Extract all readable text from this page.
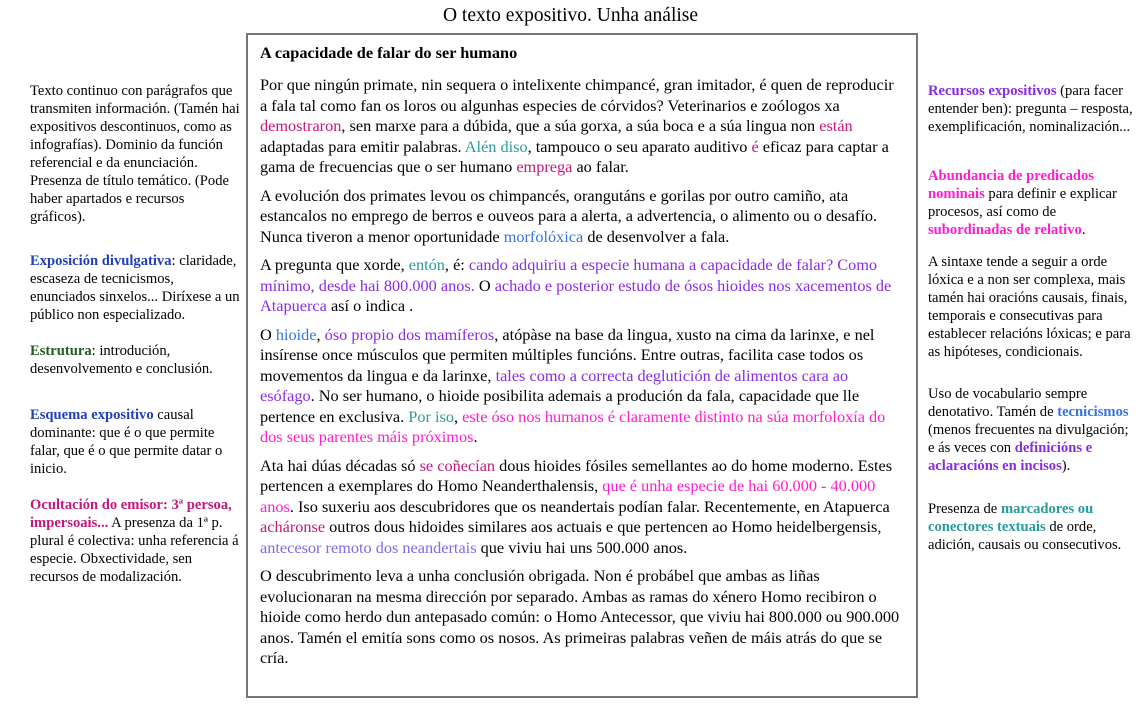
O texto expositivo. Unha análise

Texto continuo con parágrafos que transmiten información. (Tamén hai expositivos descontinuos, como as infografías). Dominio da función referencial e da enunciación. Presenza de título temático. (Pode haber apartados e recursos gráficos).

Exposición divulgativa: claridade, escaseza de tecnicismos, enunciados sinxelos... Diríxese a un público non especializado.

Estrutura: introdución, desenvolvemento e conclusión.

Esquema expositivo causal dominante: que é o que permite falar, que é o que permite datar o inicio.

Ocultación do emisor: 3ª persoa, impersoais... A presenza da 1ª p. plural é colectiva: unha referencia á especie. Obxectividade, sen recursos de modalización.

A capacidade de falar do ser humano

Por que ningún primate, nin sequera o intelixente chimpancé, gran imitador, é quen de reproducir a fala tal como fan os loros ou algunhas especies de córvidos? Veterinarios e zoólogos xa demostraron, sen marxe para a dúbida, que a súa gorxa, a súa boca e a súa lingua non están adaptadas para emitir palabras. Alén diso, tampouco o seu aparato auditivo é eficaz para captar a gama de frecuencias que o ser humano emprega ao falar.

A evolución dos primates levou os chimpancés, orangutáns e gorilas por outro camiño, ata estancalos no emprego de berros e ouveos para a alerta, a advertencia, o alimento ou o desafío. Nunca tiveron a menor oportunidade morfolóxica de desenvolver a fala.

A pregunta que xorde, entón, é: cando adquiriu a especie humana a capacidade de falar? Como mínimo, desde hai 800.000 anos. O achado e posterior estudo de ósos hioides nos xacementos de Atapuerca así o indica .

O hioide, óso propio dos mamíferos, atópàse na base da lingua, xusto na cima da larinxe, e nel insírense once músculos que permiten múltiples funcións. Entre outras, facilita case todos os movementos da lingua e da larinxe, tales como a correcta deglutición de alimentos cara ao esófago. No ser humano, o hioide posibilita ademais a produción da fala, capacidade que lle pertence en exclusiva. Por iso, este óso nos humanos é claramente distinto na súa morfoloxía do dos seus parentes máis próximos.

Ata hai dúas décadas só se coñecían dous hioides fósiles semellantes ao do home moderno. Estes pertencen a exemplares do Homo Neanderthalensis, que é unha especie de hai 60.000 - 40.000 anos. Iso suxeriu aos descubridores que os neandertais podían falar. Recentemente, en Atapuerca acháronse outros dous hidoides similares aos actuais e que pertencen ao Homo heidelbergensis, antecesor remoto dos neandertais que viviu hai uns 500.000 anos.

O descubrimento leva a unha conclusión obrigada. Non é probábel que ambas as liñas evolucionaran na mesma dirección por separado. Ambas as ramas do xénero Homo recibiron o hioide como herdo dun antepasado común: o Homo Antecessor, que viviu hai 800.000 ou 900.000 anos. Tamén el emitía sons como os nosos. As primeiras palabras veñen de máis atrás do que se cría.

Recursos expositivos (para facer entender ben): pregunta – resposta, exemplificación, nominalización...

Abundancia de predicados nominais para definir e explicar procesos, así como de subordinadas de relativo.

A sintaxe tende a seguir a orde lóxica e a non ser complexa, mais tamén hai oracións causais, finais, temporais e consecutivas para establecer relacións lóxicas; e para as hipóteses, condicionais.

Uso de vocabulario sempre denotativo. Tamén de tecnicismos (menos frecuentes na divulgación; e ás veces con definicións e aclaracións en incisos).

Presenza de marcadores ou conectores textuais de orde, adición, causais ou consecutivos.
